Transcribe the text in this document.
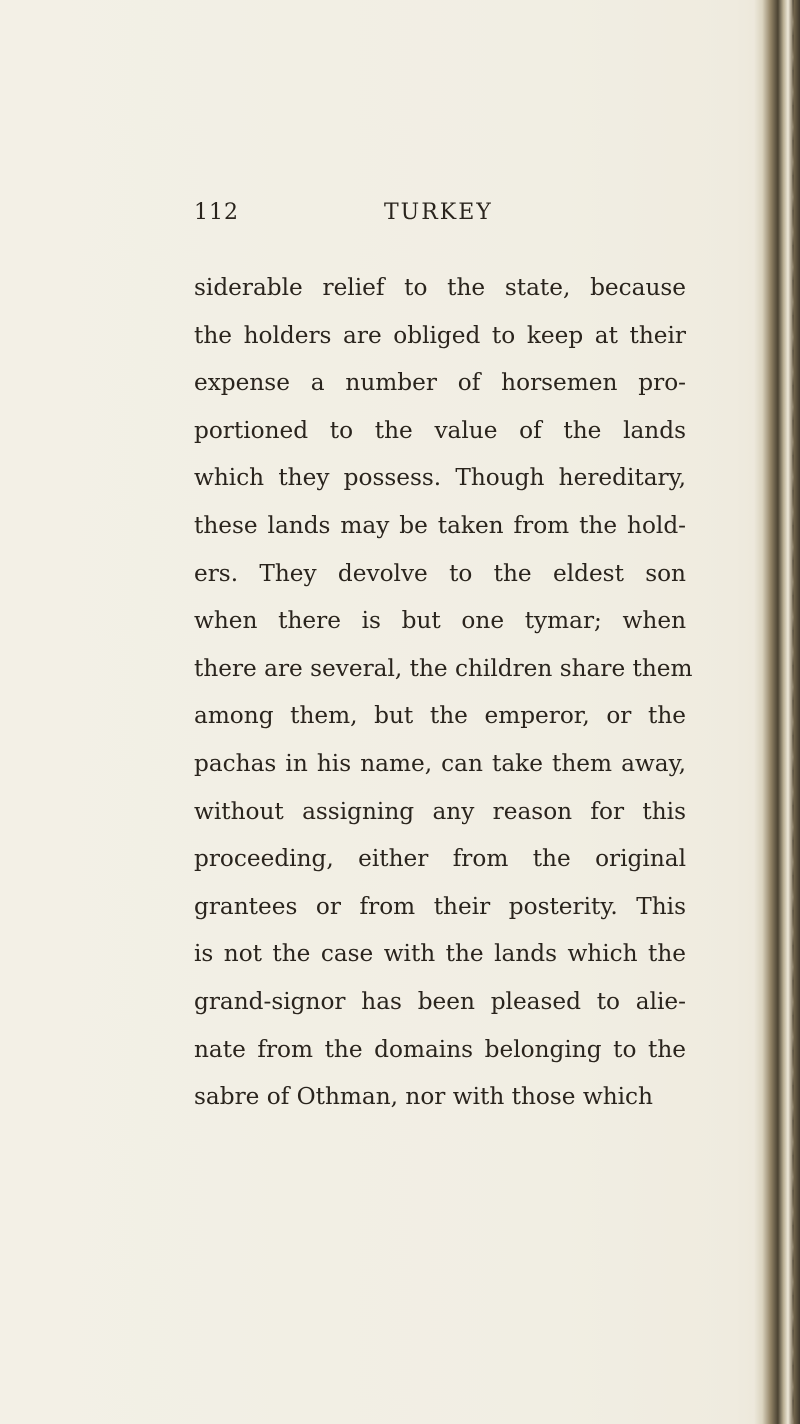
112	TURKEY
siderable relief to the state, because
the holders are obliged to keep at their
expense a number of horsemen pro-
portioned to the value of the lands
which they possess. Though hereditary,
these lands may be taken from the hold-
ers. They devolve to the eldest son
when there is but one tymar; when
there are several, the children share them
among them, but the emperor, or the
pachas in his name, can take them away,
without assigning any reason for this
proceeding, either from the original
grantees or from their posterity. This
is not the case with the lands which the
grand-signor has been pleased to alie-
nate from the domains belonging to the
sabre of Othman, nor with those which
